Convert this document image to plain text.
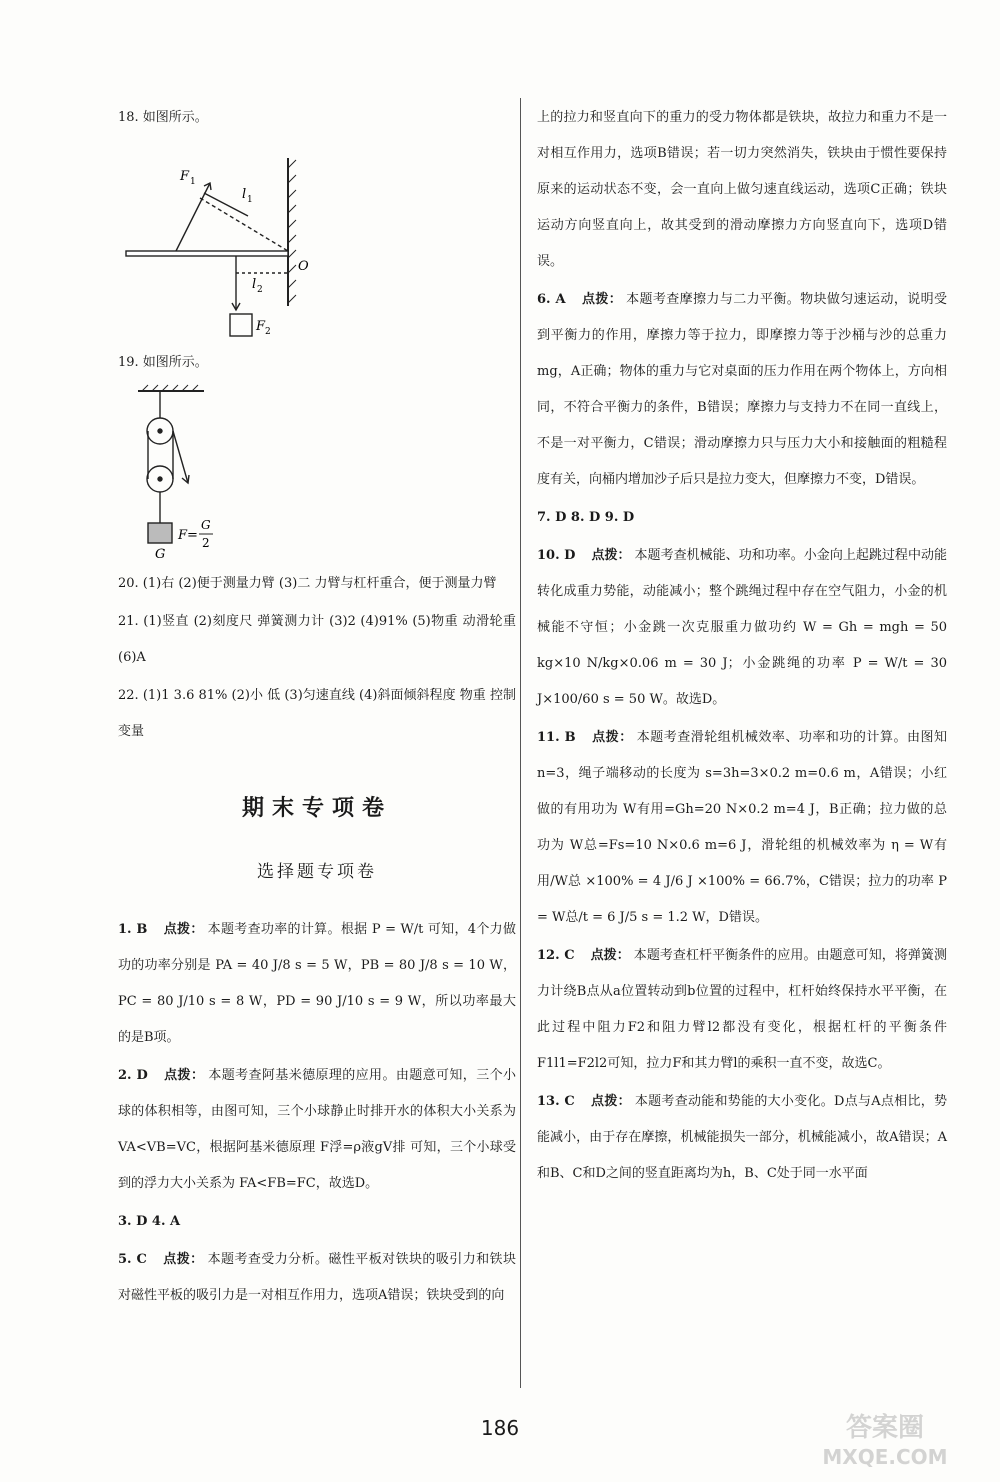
18. 如图所示。

F 1
l 1
l 2
O
F 2

19. 如图所示。

F=
G
2
G

20. (1)右 (2)便于测量力臂 (3)二 力臂与杠杆重合，便于测量力臂

21. (1)竖直 (2)刻度尺 弹簧测力计 (3)2 (4)91% (5)物重 动滑轮重 (6)A

22. (1)1 3.6 81% (2)小 低 (3)匀速直线 (4)斜面倾斜程度 物重 控制变量

期末专项卷
选择题专项卷

1. B 点拨： 本题考查功率的计算。根据 P = W/t 可知，4个力做功的功率分别是 PA = 40 J/8 s = 5 W，PB = 80 J/8 s = 10 W，PC = 80 J/10 s = 8 W，PD = 90 J/10 s = 9 W，所以功率最大的是B项。

2. D 点拨： 本题考查阿基米德原理的应用。由题意可知，三个小球的体积相等，由图可知，三个小球静止时排开水的体积大小关系为 VA<VB=VC，根据阿基米德原理 F浮=ρ液gV排 可知，三个小球受到的浮力大小关系为 FA<FB=FC，故选D。

3. D 4. A

5. C 点拨： 本题考查受力分析。磁性平板对铁块的吸引力和铁块对磁性平板的吸引力是一对相互作用力，选项A错误；铁块受到的向

上的拉力和竖直向下的重力的受力物体都是铁块，故拉力和重力不是一对相互作用力，选项B错误；若一切力突然消失，铁块由于惯性要保持原来的运动状态不变，会一直向上做匀速直线运动，选项C正确；铁块运动方向竖直向上，故其受到的滑动摩擦力方向竖直向下，选项D错误。

6. A 点拨： 本题考查摩擦力与二力平衡。物块做匀速运动，说明受到平衡力的作用，摩擦力等于拉力，即摩擦力等于沙桶与沙的总重力mg，A正确；物体的重力与它对桌面的压力作用在两个物体上，方向相同，不符合平衡力的条件，B错误；摩擦力与支持力不在同一直线上，不是一对平衡力，C错误；滑动摩擦力只与压力大小和接触面的粗糙程度有关，向桶内增加沙子后只是拉力变大，但摩擦力不变，D错误。

7. D 8. D 9. D

10. D 点拨： 本题考查机械能、功和功率。小金向上起跳过程中动能转化成重力势能，动能减小；整个跳绳过程中存在空气阻力，小金的机械能不守恒；小金跳一次克服重力做功约 W = Gh = mgh = 50 kg×10 N/kg×0.06 m = 30 J；小金跳绳的功率 P = W/t = 30 J×100/60 s = 50 W。故选D。

11. B 点拨： 本题考查滑轮组机械效率、功率和功的计算。由图知 n=3，绳子端移动的长度为 s=3h=3×0.2 m=0.6 m，A错误；小红做的有用功为 W有用=Gh=20 N×0.2 m=4 J，B正确；拉力做的总功为 W总=Fs=10 N×0.6 m=6 J，滑轮组的机械效率为 η = W有用/W总 ×100% = 4 J/6 J ×100% = 66.7%，C错误；拉力的功率 P = W总/t = 6 J/5 s = 1.2 W，D错误。

12. C 点拨： 本题考查杠杆平衡条件的应用。由题意可知，将弹簧测力计绕B点从a位置转动到b位置的过程中，杠杆始终保持水平平衡，在此过程中阻力F2和阻力臂l2都没有变化，根据杠杆的平衡条件F1l1=F2l2可知，拉力F和其力臂l的乘积一直不变，故选C。

13. C 点拨： 本题考查动能和势能的大小变化。D点与A点相比，势能减小，由于存在摩擦，机械能损失一部分，机械能减小，故A错误；A和B、C和D之间的竖直距离均为h，B、C处于同一水平面

186	答案圈
MXQE.COM
